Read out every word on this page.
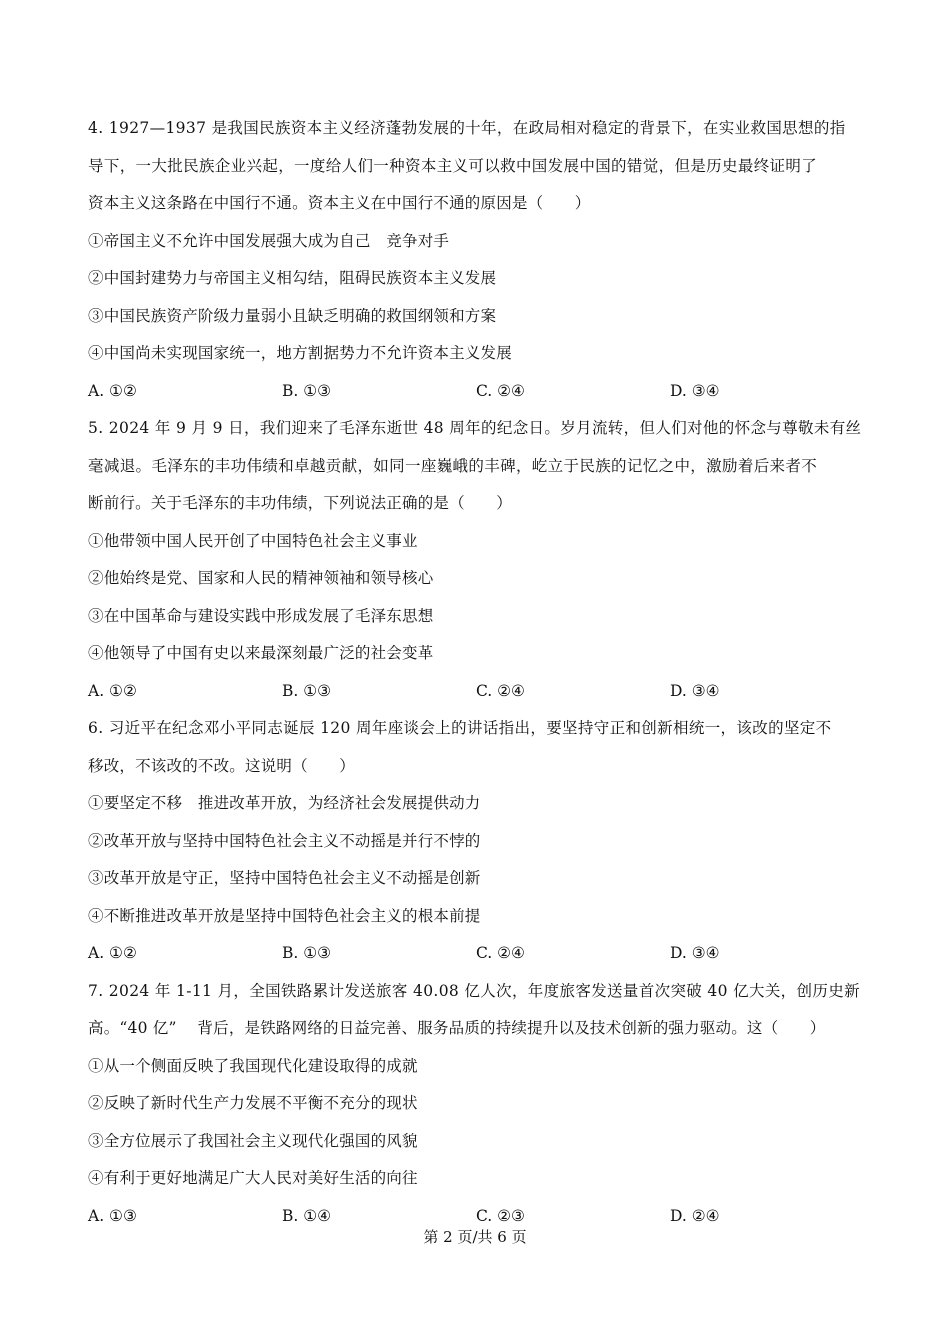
4. 1927—1937 是我国民族资本主义经济蓬勃发展的十年，在政局相对稳定的背景下，在实业救国思想的指
导下，一大批民族企业兴起，一度给人们一种资本主义可以救中国发展中国的错觉，但是历史最终证明了
资本主义这条路在中国行不通。资本主义在中国行不通的原因是（　　）
①帝国主义不允许中国发展强大成为自己　竞争对手
②中国封建势力与帝国主义相勾结，阻碍民族资本主义发展
③中国民族资产阶级力量弱小且缺乏明确的救国纲领和方案
④中国尚未实现国家统一，地方割据势力不允许资本主义发展
A. ①②	B. ①③	C. ②④	D. ③④
5. 2024 年 9 月 9 日，我们迎来了毛泽东逝世 48 周年的纪念日。岁月流转，但人们对他的怀念与尊敬未有丝
毫减退。毛泽东的丰功伟绩和卓越贡献，如同一座巍峨的丰碑，屹立于民族的记忆之中，激励着后来者不
断前行。关于毛泽东的丰功伟绩，下列说法正确的是（　　）
①他带领中国人民开创了中国特色社会主义事业
②他始终是党、国家和人民的精神领袖和领导核心
③在中国革命与建设实践中形成发展了毛泽东思想
④他领导了中国有史以来最深刻最广泛的社会变革
A. ①②	B. ①③	C. ②④	D. ③④
6. 习近平在纪念邓小平同志诞辰 120 周年座谈会上的讲话指出，要坚持守正和创新相统一，该改的坚定不
移改，不该改的不改。这说明（　　）
①要坚定不移　推进改革开放，为经济社会发展提供动力
②改革开放与坚持中国特色社会主义不动摇是并行不悖的
③改革开放是守正，坚持中国特色社会主义不动摇是创新
④不断推进改革开放是坚持中国特色社会主义的根本前提
A. ①②	B. ①③	C. ②④	D. ③④
7. 2024 年 1-11 月，全国铁路累计发送旅客 40.08 亿人次，年度旅客发送量首次突破 40 亿大关，创历史新
高。“40 亿”　 背后，是铁路网络的日益完善、服务品质的持续提升以及技术创新的强力驱动。这（　　）
①从一个侧面反映了我国现代化建设取得的成就
②反映了新时代生产力发展不平衡不充分的现状
③全方位展示了我国社会主义现代化强国的风貌
④有利于更好地满足广大人民对美好生活的向往
A. ①③	B. ①④	C. ②③	D. ②④
第 2 页/共 6 页
